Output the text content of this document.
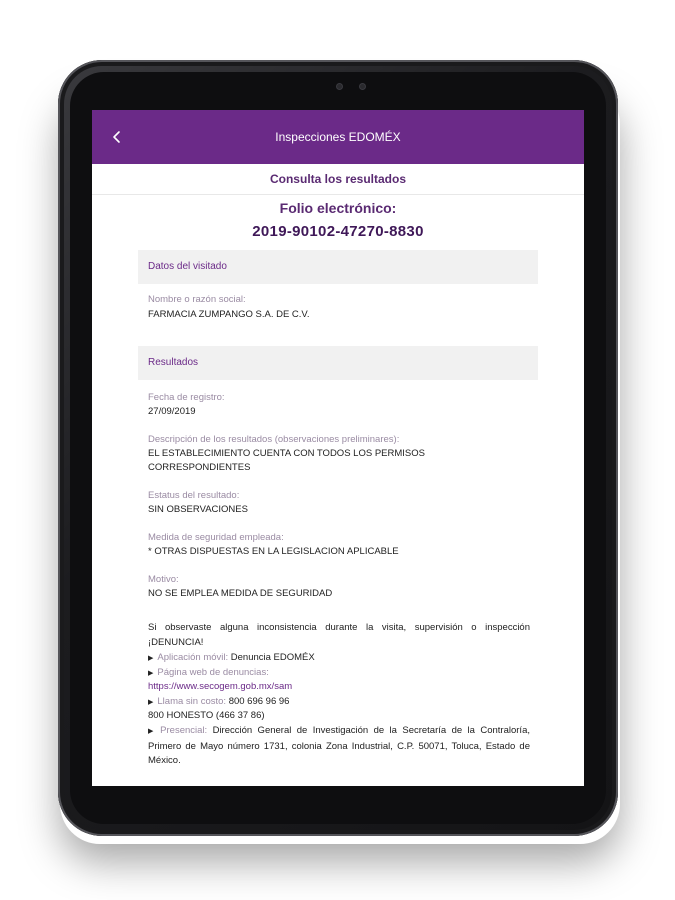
Inspecciones EDOMÉX
Consulta los resultados
Folio electrónico:
2019-90102-47270-8830
Datos del visitado
Nombre o razón social:
FARMACIA ZUMPANGO S.A. DE C.V.
Resultados
Fecha de registro:
27/09/2019
Descripción de los resultados (observaciones preliminares):
EL ESTABLECIMIENTO CUENTA CON TODOS LOS PERMISOS
CORRESPONDIENTES
Estatus del resultado:
SIN OBSERVACIONES
Medida de seguridad empleada:
* OTRAS DISPUESTAS EN LA LEGISLACION APLICABLE
Motivo:
NO SE EMPLEA MEDIDA DE SEGURIDAD
Si observaste alguna inconsistencia durante la visita, supervisión o inspección ¡DENUNCIA!
▶ Aplicación móvil: Denuncia EDOMÉX
▶ Página web de denuncias:
https://www.secogem.gob.mx/sam
▶ Llama sin costo: 800 696 96 96
800 HONESTO (466 37 86)
▶ Presencial: Dirección General de Investigación de la Secretaría de la Contraloría, Primero de Mayo número 1731, colonia Zona Industrial, C.P. 50071, Toluca, Estado de México.
